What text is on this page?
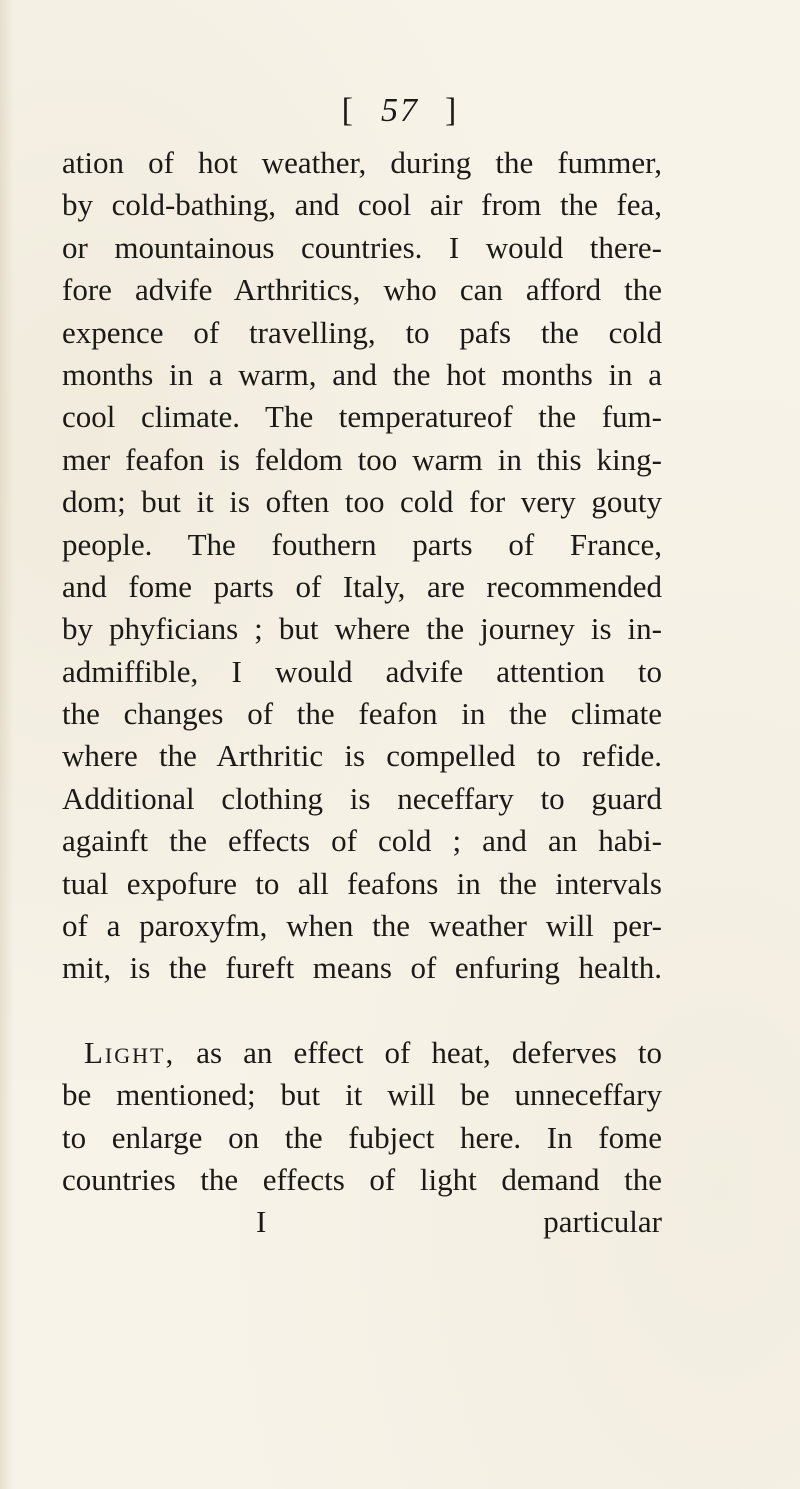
[ 57 ]
ation of hot weather, during the fummer,
by cold-bathing, and cool air from the fea,
or mountainous countries. I would there-
fore advife Arthritics, who can afford the
expence of travelling, to pafs the cold
months in a warm, and the hot months in a
cool climate. The temperatureof the fum-
mer feafon is feldom too warm in this king-
dom; but it is often too cold for very gouty
people. The fouthern parts of France,
and fome parts of Italy, are recommended
by phyficians ; but where the journey is in-
admiffible, I would advife attention to
the changes of the feafon in the climate
where the Arthritic is compelled to refide.
Additional clothing is neceffary to guard
againft the effects of cold ; and an habi-
tual expofure to all feafons in the intervals
of a paroxyfm, when the weather will per-
mit, is the fureft means of enfuring health.
Light, as an effect of heat, deferves to
be mentioned; but it will be unneceffary
to enlarge on the fubject here. In fome
countries the effects of light demand the
I	particular
